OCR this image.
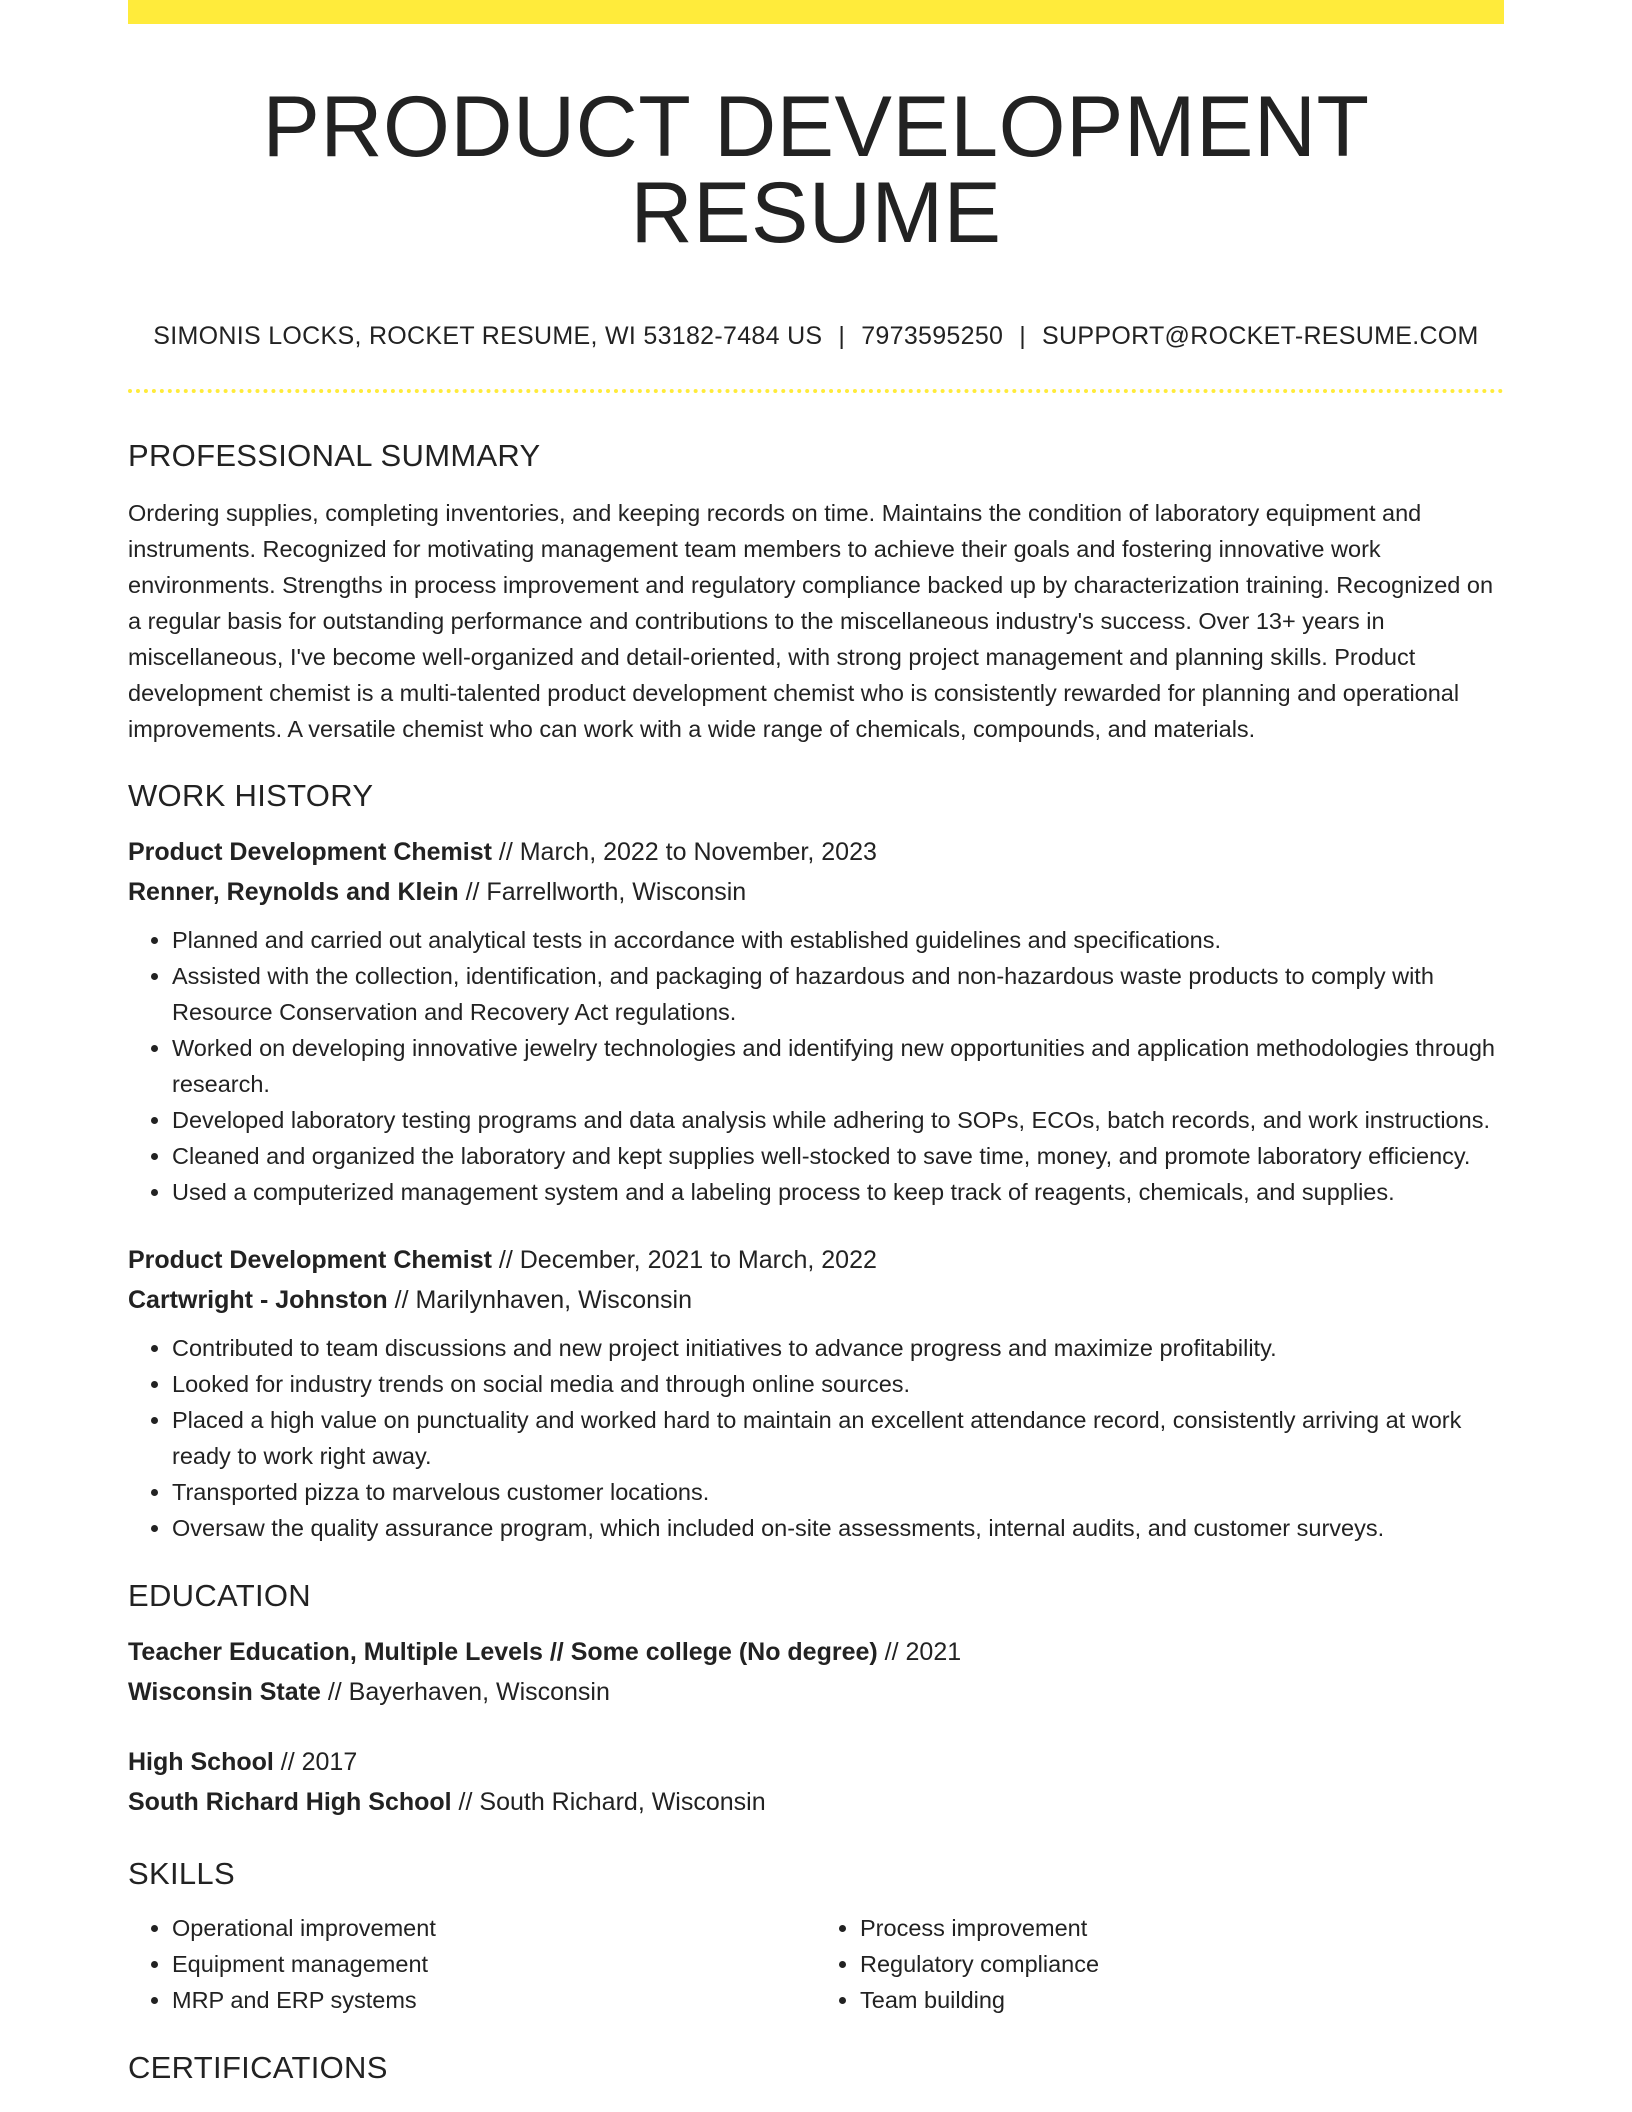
PRODUCT DEVELOPMENT RESUME
SIMONIS LOCKS, ROCKET RESUME, WI 53182-7484 US | 7973595250 | SUPPORT@ROCKET-RESUME.COM
PROFESSIONAL SUMMARY

Ordering supplies, completing inventories, and keeping records on time. Maintains the condition of laboratory equipment and instruments. Recognized for motivating management team members to achieve their goals and fostering innovative work environments. Strengths in process improvement and regulatory compliance backed up by characterization training. Recognized on a regular basis for outstanding performance and contributions to the miscellaneous industry's success. Over 13+ years in miscellaneous, I've become well-organized and detail-oriented, with strong project management and planning skills. Product development chemist is a multi-talented product development chemist who is consistently rewarded for planning and operational improvements. A versatile chemist who can work with a wide range of chemicals, compounds, and materials.

WORK HISTORY
Product Development Chemist // March, 2022 to November, 2023
Renner, Reynolds and Klein // Farrellworth, Wisconsin
• Planned and carried out analytical tests in accordance with established guidelines and specifications.
• Assisted with the collection, identification, and packaging of hazardous and non-hazardous waste products to comply with Resource Conservation and Recovery Act regulations.
• Worked on developing innovative jewelry technologies and identifying new opportunities and application methodologies through research.
• Developed laboratory testing programs and data analysis while adhering to SOPs, ECOs, batch records, and work instructions.
• Cleaned and organized the laboratory and kept supplies well-stocked to save time, money, and promote laboratory efficiency.
• Used a computerized management system and a labeling process to keep track of reagents, chemicals, and supplies.
Product Development Chemist // December, 2021 to March, 2022
Cartwright - Johnston // Marilynhaven, Wisconsin
• Contributed to team discussions and new project initiatives to advance progress and maximize profitability.
• Looked for industry trends on social media and through online sources.
• Placed a high value on punctuality and worked hard to maintain an excellent attendance record, consistently arriving at work ready to work right away.
• Transported pizza to marvelous customer locations.
• Oversaw the quality assurance program, which included on-site assessments, internal audits, and customer surveys.
EDUCATION
Teacher Education, Multiple Levels // Some college (No degree) // 2021
Wisconsin State // Bayerhaven, Wisconsin
High School // 2017
South Richard High School // South Richard, Wisconsin
SKILLS
• Operational improvement
• Equipment management
• MRP and ERP systems
• Process improvement
• Regulatory compliance
• Team building
CERTIFICATIONS
